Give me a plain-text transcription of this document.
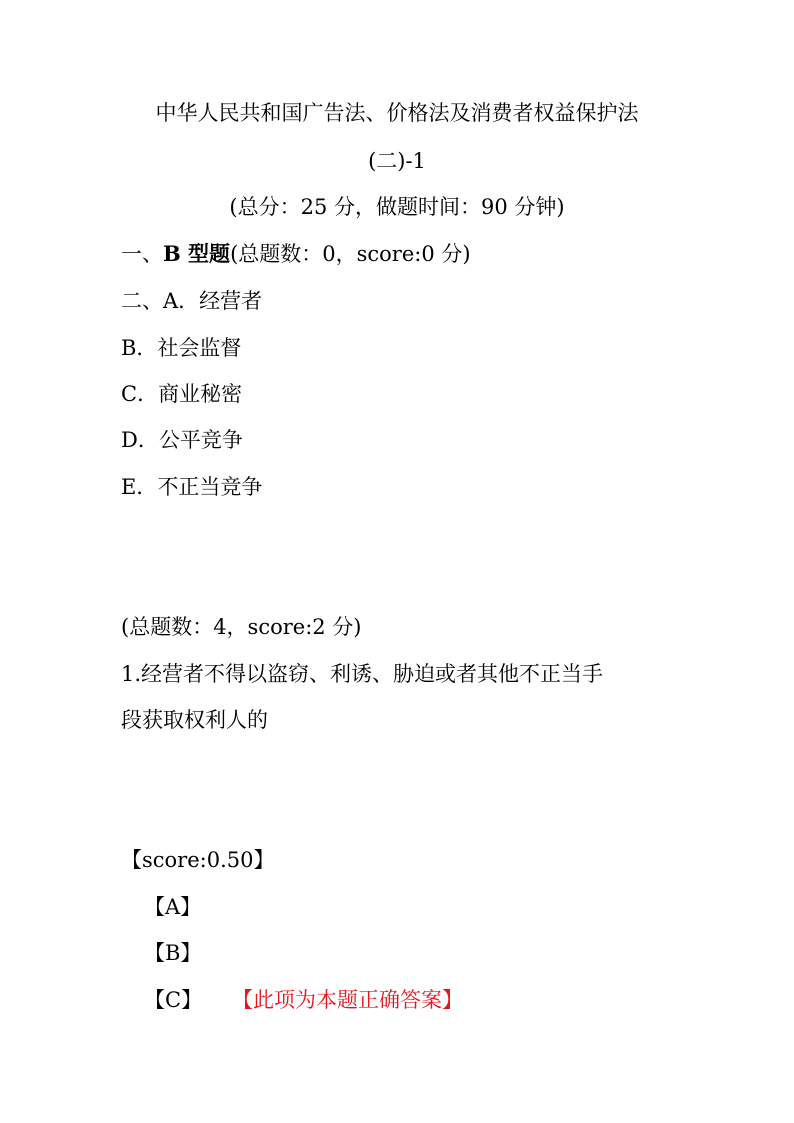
中华人民共和国广告法、价格法及消费者权益保护法
(二)-1
(总分：25 分，做题时间：90 分钟)
一、B 型题(总题数：0，score:0 分)
二、A．经营者
B．社会监督
C．商业秘密
D．公平竞争
E．不正当竞争
(总题数：4，score:2 分)
1.经营者不得以盗窃、利诱、胁迫或者其他不正当手
段获取权利人的
【score:0.50】
【A】
【B】
【C】 【此项为本题正确答案】
